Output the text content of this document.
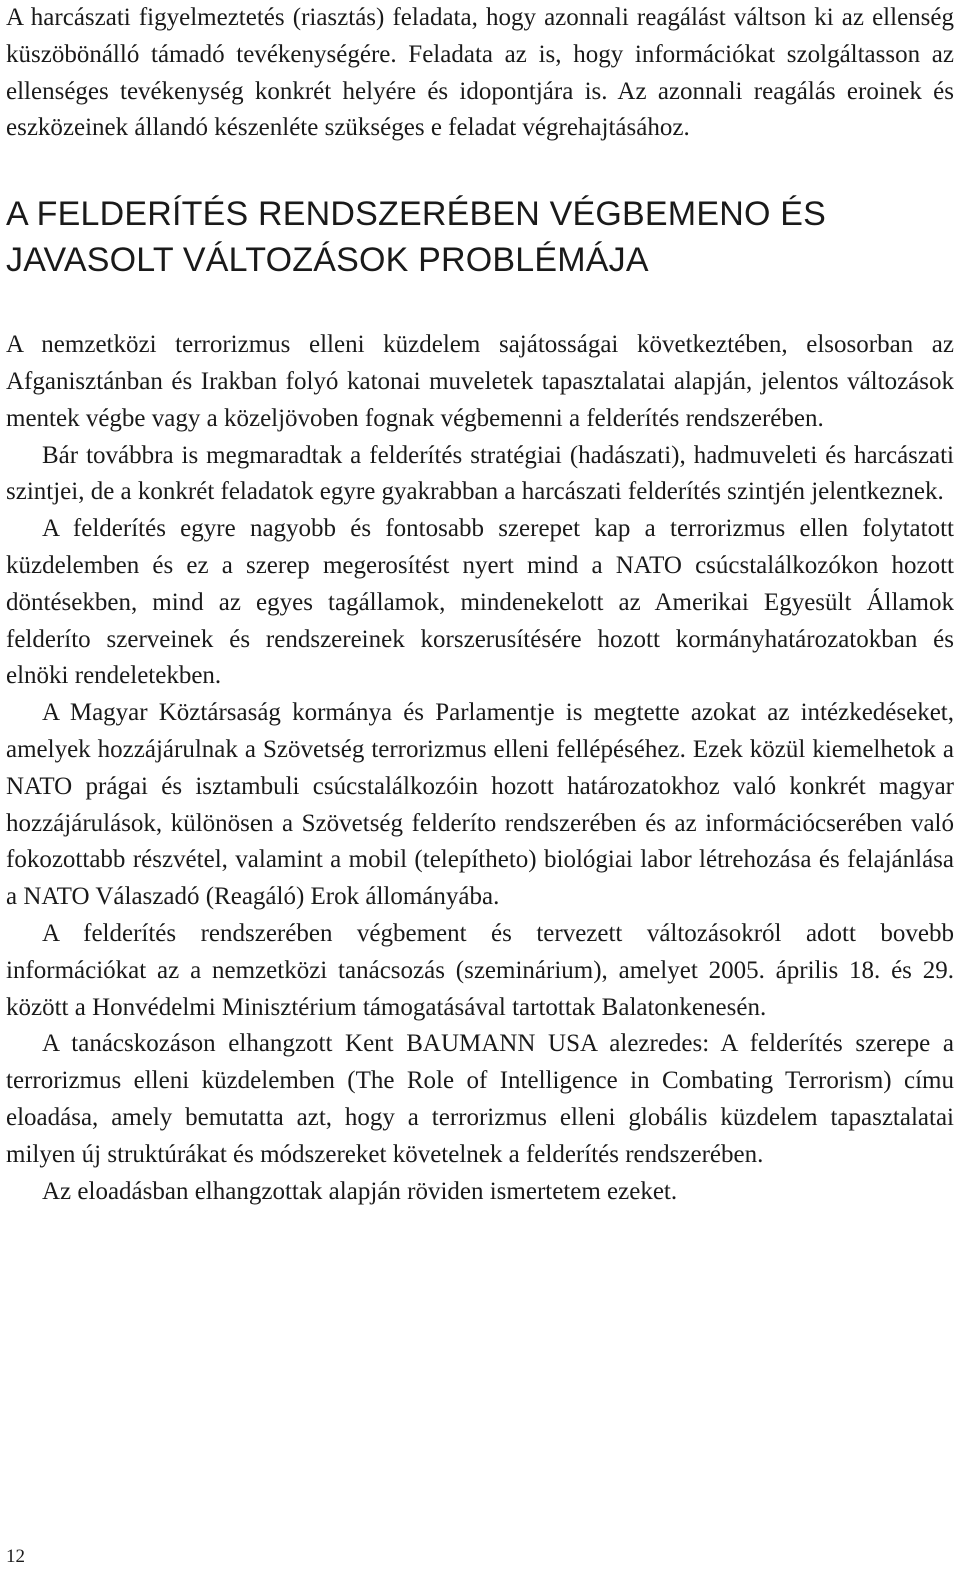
A harcászati figyelmeztetés (riasztás) feladata, hogy azonnali reagálást váltson ki az ellenség küszöbönálló támadó tevékenységére. Feladata az is, hogy információkat szolgáltasson az ellenséges tevékenység konkrét helyére és idopontjára is. Az azonnali reagálás eroinek és eszközeinek állandó készenléte szükséges e feladat végrehajtásához.

A FELDERÍTÉS RENDSZERÉBEN VÉGBEMENO ÉS JAVASOLT VÁLTOZÁSOK PROBLÉMÁJA

A nemzetközi terrorizmus elleni küzdelem sajátosságai következtében, elsosorban az Afganisztánban és Irakban folyó katonai muveletek tapasztalatai alapján, jelentos változások mentek végbe vagy a közeljövoben fognak végbemenni a felderítés rendszerében.

Bár továbbra is megmaradtak a felderítés stratégiai (hadászati), hadmuveleti és harcászati szintjei, de a konkrét feladatok egyre gyakrabban a harcászati felderítés szintjén jelentkeznek.

A felderítés egyre nagyobb és fontosabb szerepet kap a terrorizmus ellen folytatott küzdelemben és ez a szerep megerosítést nyert mind a NATO csúcstalálkozókon hozott döntésekben, mind az egyes tagállamok, mindenekelott az Amerikai Egyesült Államok felderíto szerveinek és rendszereinek korszerusítésére hozott kormányhatározatokban és elnöki rendeletekben.

A Magyar Köztársaság kormánya és Parlamentje is megtette azokat az intézkedéseket, amelyek hozzájárulnak a Szövetség terrorizmus elleni fellépéséhez. Ezek közül kiemelhetok a NATO prágai és isztambuli csúcstalálkozóin hozott határozatokhoz való konkrét magyar hozzájárulások, különösen a Szövetség felderíto rendszerében és az információcserében való fokozottabb részvétel, valamint a mobil (telepítheto) biológiai labor létrehozása és felajánlása a NATO Válaszadó (Reagáló) Erok állományába.

A felderítés rendszerében végbement és tervezett változásokról adott bovebb információkat az a nemzetközi tanácsozás (szeminárium), amelyet 2005. április 18. és 29. között a Honvédelmi Minisztérium támogatásával tartottak Balatonkenesén.

A tanácskozáson elhangzott Kent BAUMANN USA alezredes: A felderítés szerepe a terrorizmus elleni küzdelemben (The Role of Intelligence in Combating Terrorism) címu eloadása, amely bemutatta azt, hogy a terrorizmus elleni globális küzdelem tapasztalatai milyen új struktúrákat és módszereket követelnek a felderítés rendszerében.

Az eloadásban elhangzottak alapján röviden ismertetem ezeket.

12
